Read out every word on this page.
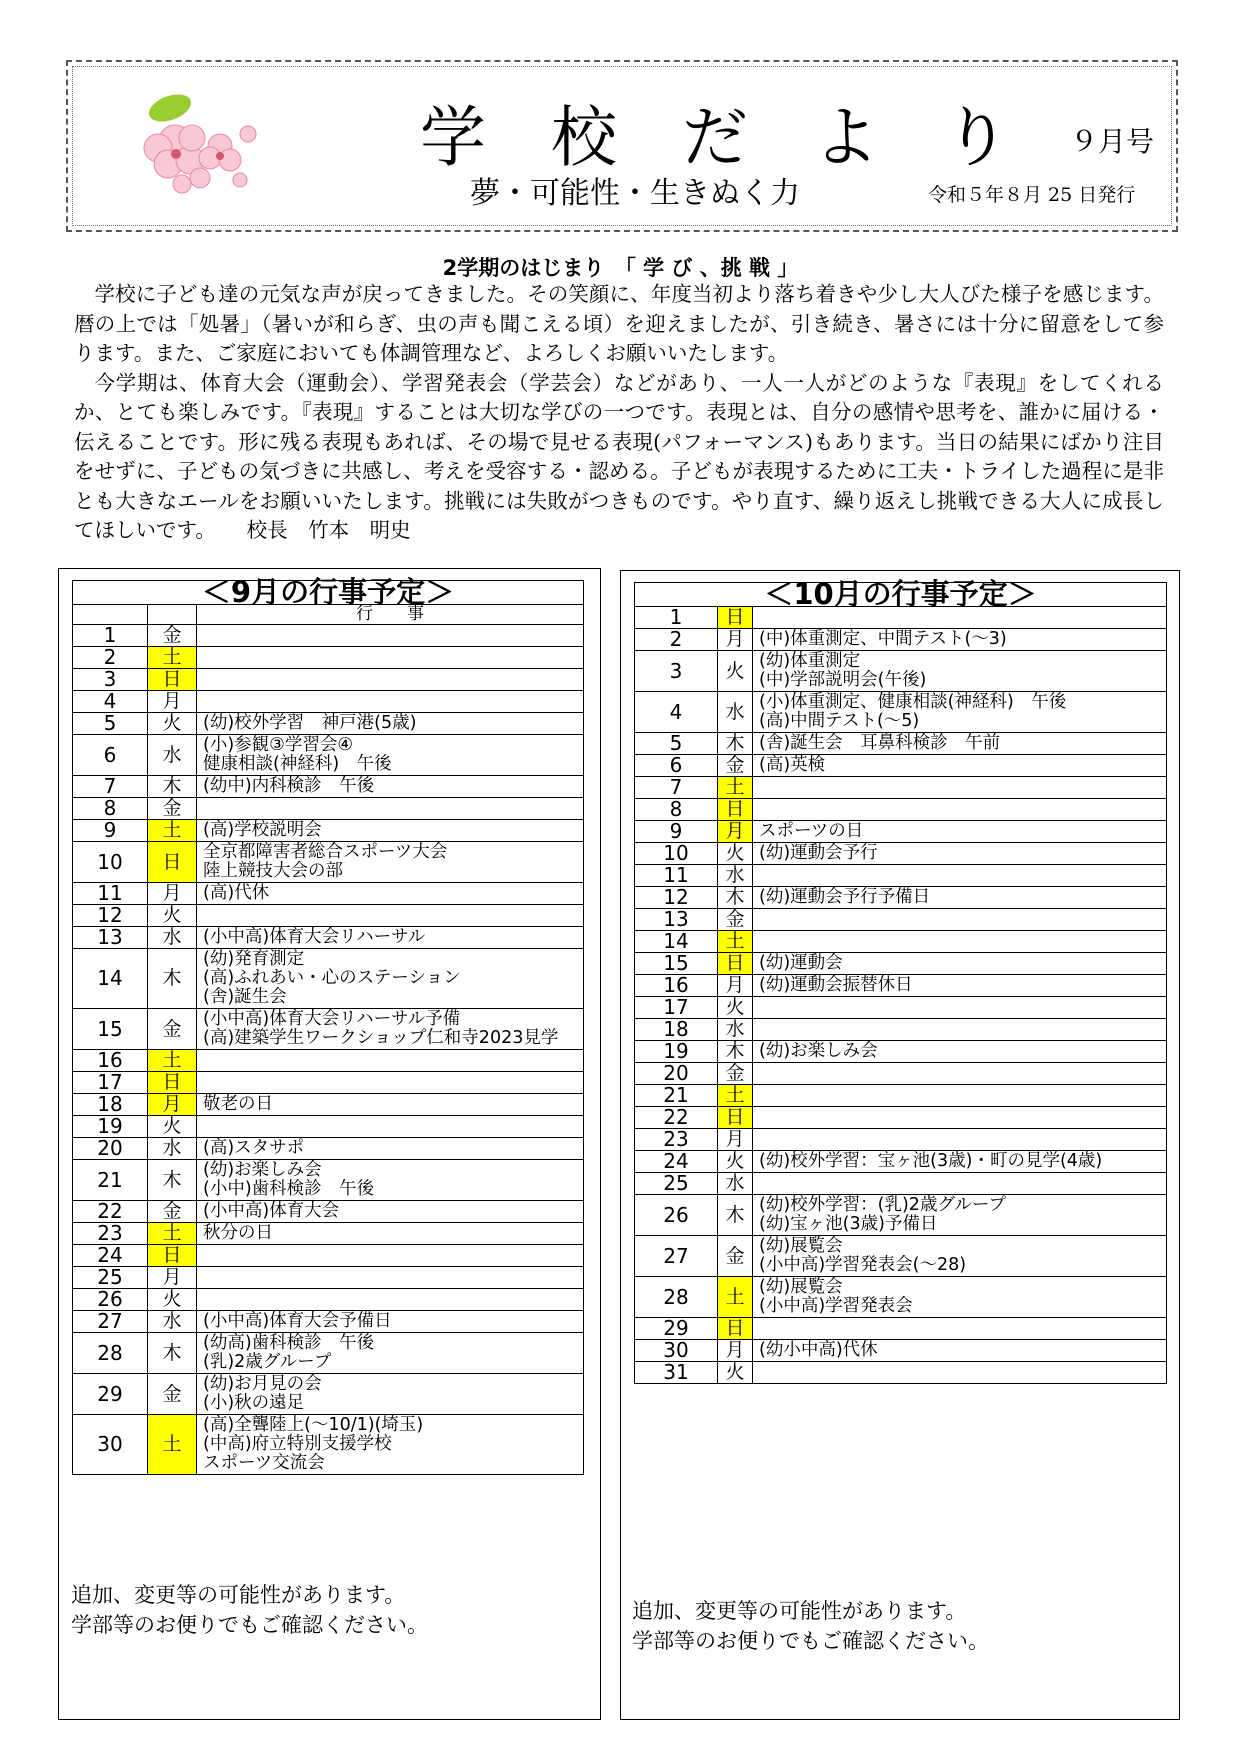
学 校 だ よ り ９月号
夢・可能性・生きぬく力	令和５年８月 25 日発行
2学期のはじまり　「 学 び 、挑 戦 」

学校に子ども達の元気な声が戻ってきました。その笑顔に、年度当初より落ち着きや少し大人びた様子を感じます。暦の上では「処暑」（暑いが和らぎ、虫の声も聞こえる頃）を迎えましたが、引き続き、暑さには十分に留意をして参ります。また、ご家庭においても体調管理など、よろしくお願いいたします。

今学期は、体育大会（運動会）、学習発表会（学芸会）などがあり、一人一人がどのような『表現』をしてくれるか、とても楽しみです。『表現』することは大切な学びの一つです。表現とは、自分の感情や思考を、誰かに届ける・伝えることです。形に残る表現もあれば、その場で見せる表現(パフォーマンス)もあります。当日の結果にばかり注目をせずに、子どもの気づきに共感し、考えを受容する・認める。子どもが表現するために工夫・トライした過程に是非とも大きなエールをお願いいたします。挑戦には失敗がつきものです。やり直す、繰り返えし挑戦できる大人に成長してほしいです。　　校長　竹本　明史

＜9月の行事予定＞		
		行　　事
1	金	
2	土	
3	日	
4	月	
5	火	(幼)校外学習　神戸港(5歳)
6	水	(小)参観③学習会④
健康相談(神経科)　午後
7	木	(幼中)内科検診　午後
8	金	
9	土	(高)学校説明会
10	日	全京都障害者総合スポーツ大会
陸上競技大会の部
11	月	(高)代休
12	火	
13	水	(小中高)体育大会リハーサル
14	木	(幼)発育測定
(高)ふれあい・心のステーション
(舎)誕生会
15	金	(小中高)体育大会リハーサル予備
(高)建築学生ワークショップ仁和寺2023見学
16	土	
17	日	
18	月	敬老の日
19	火	
20	水	(高)スタサポ
21	木	(幼)お楽しみ会
(小中)歯科検診　午後
22	金	(小中高)体育大会
23	土	秋分の日
24	日	
25	月	
26	火	
27	水	(小中高)体育大会予備日
28	木	(幼高)歯科検診　午後
(乳)2歳グループ
29	金	(幼)お月見の会
(小)秋の遠足
30	土	(高)全聾陸上(～10/1)(埼玉)
(中高)府立特別支援学校
スポーツ交流会
＜10月の行事予定＞		
1	日	
2	月	(中)体重測定、中間テスト(～3)
3	火	(幼)体重測定
(中)学部説明会(午後)
4	水	(小)体重測定、健康相談(神経科)　午後
(高)中間テスト(～5)
5	木	(舎)誕生会　耳鼻科検診　午前
6	金	(高)英検
7	土	
8	日	
9	月	スポーツの日
10	火	(幼)運動会予行
11	水	
12	木	(幼)運動会予行予備日
13	金	
14	土	
15	日	(幼)運動会
16	月	(幼)運動会振替休日
17	火	
18	水	
19	木	(幼)お楽しみ会
20	金	
21	土	
22	日	
23	月	
24	火	(幼)校外学習：宝ヶ池(3歳)・町の見学(4歳)
25	水	
26	木	(幼)校外学習：(乳)2歳グループ
(幼)宝ヶ池(3歳)予備日
27	金	(幼)展覧会
(小中高)学習発表会(～28)
28	土	(幼)展覧会
(小中高)学習発表会
29	日	
30	月	(幼小中高)代休
31	火	
追加、変更等の可能性があります。
学部等のお便りでもご確認ください。
追加、変更等の可能性があります。
学部等のお便りでもご確認ください。
